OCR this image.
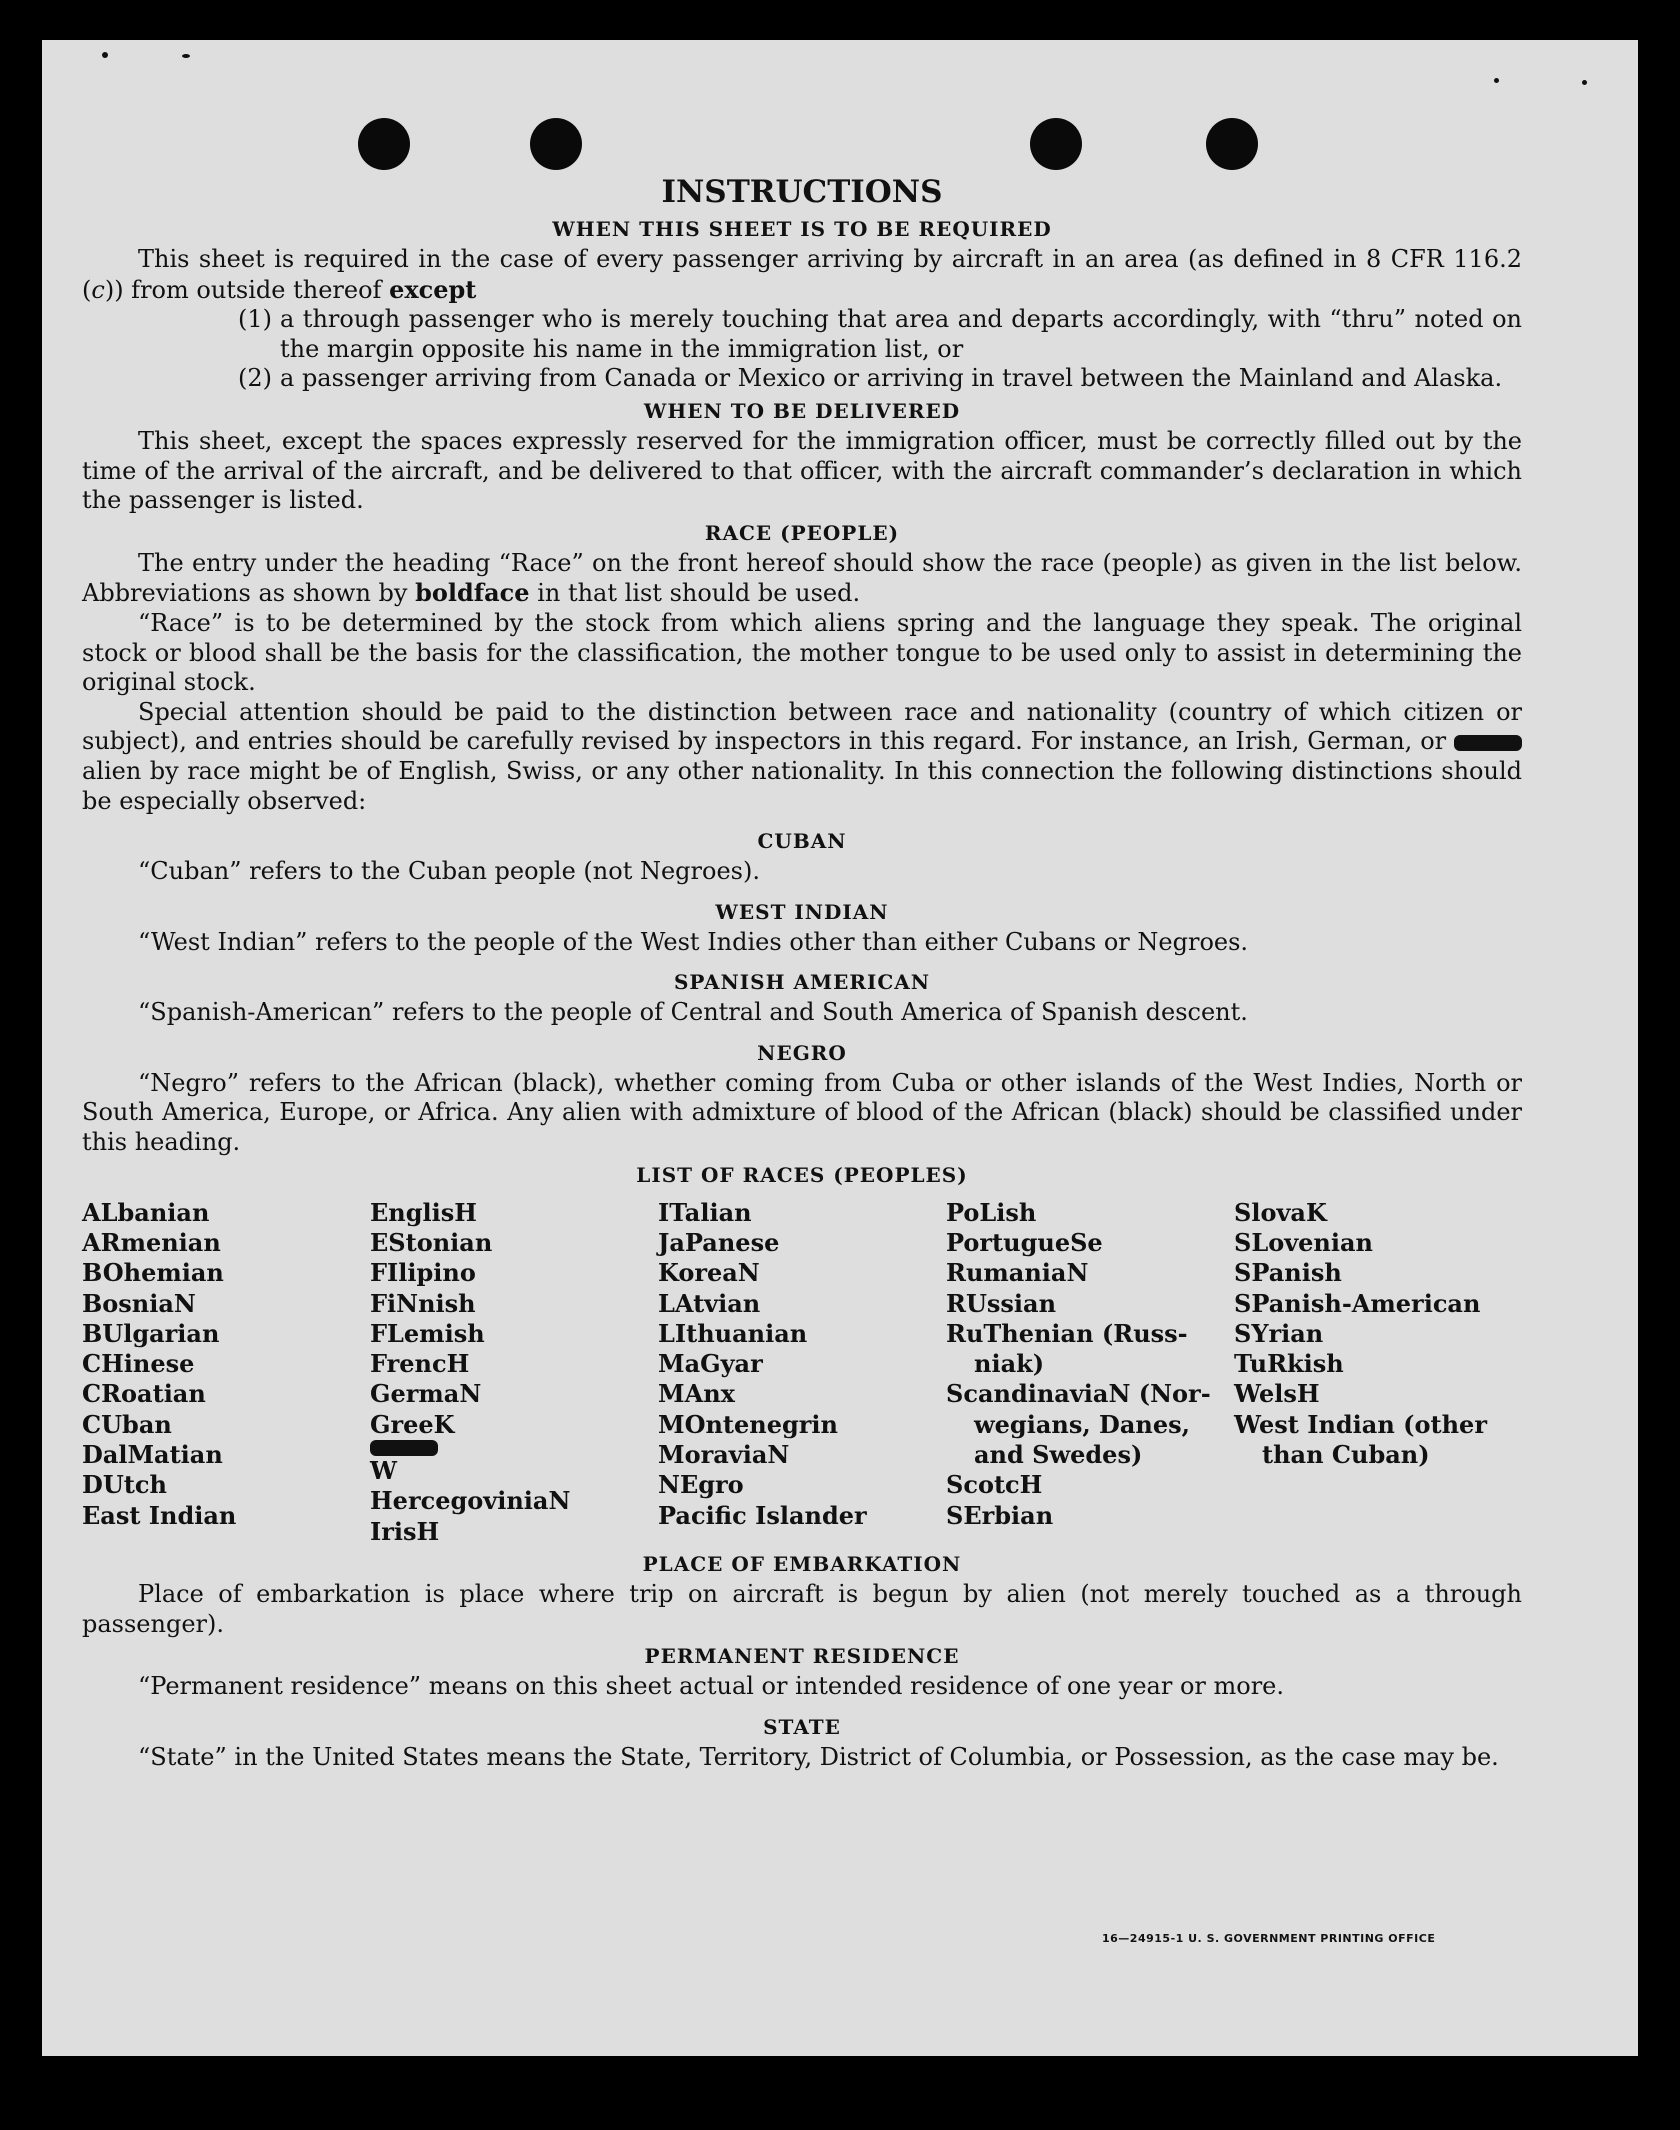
INSTRUCTIONS
WHEN THIS SHEET IS TO BE REQUIRED

This sheet is required in the case of every passenger arriving by aircraft in an area (as defined in 8 CFR 116.2 (c)) from outside thereof except

(1) a through passenger who is merely touching that area and departs accordingly, with “thru” noted on the margin opposite his name in the immigration list, or
(2) a passenger arriving from Canada or Mexico or arriving in travel between the Mainland and Alaska.
WHEN TO BE DELIVERED

This sheet, except the spaces expressly reserved for the immigration officer, must be correctly filled out by the time of the arrival of the aircraft, and be delivered to that officer, with the aircraft commander’s declaration in which the passenger is listed.

RACE (PEOPLE)

The entry under the heading “Race” on the front hereof should show the race (people) as given in the list below. Abbreviations as shown by boldface in that list should be used.

“Race” is to be determined by the stock from which aliens spring and the language they speak. The original stock or blood shall be the basis for the classification, the mother tongue to be used only to assist in determining the original stock.

Special attention should be paid to the distinction between race and nationality (country of which citizen or subject), and entries should be carefully revised by inspectors in this regard. For instance, an Irish, German, or  alien by race might be of English, Swiss, or any other nationality. In this connection the following distinctions should be especially observed:

CUBAN

“Cuban” refers to the Cuban people (not Negroes).

WEST INDIAN

“West Indian” refers to the people of the West Indies other than either Cubans or Negroes.

SPANISH AMERICAN

“Spanish-American” refers to the people of Central and South America of Spanish descent.

NEGRO

“Negro” refers to the African (black), whether coming from Cuba or other islands of the West Indies, North or South America, Europe, or Africa. Any alien with admixture of blood of the African (black) should be classified under this heading.

LIST OF RACES (PEOPLES)
ALbanian
ARmenian
BOhemian
BosniaN
BUlgarian
CHinese
CRoatian
CUban
DalMatian
DUtch
East Indian
EnglisH
EStonian
FIlipino
FiNnish
FLemish
FrencH
GermaN
GreeK
W
HercegoviniaN
IrisH
ITalian
JaPanese
KoreaN
LAtvian
LIthuanian
MaGyar
MAnx
MOntenegrin
MoraviaN
NEgro
Pacific Islander
PoLish
PortugueSe
RumaniaN
RUssian
RuThenian (Russ-
niak)
ScandinaviaN (Nor-
wegians, Danes,
and Swedes)
ScotcH
SErbian
SlovaK
SLovenian
SPanish
SPanish-American
SYrian
TuRkish
WelsH
West Indian (other
than Cuban)
PLACE OF EMBARKATION

Place of embarkation is place where trip on aircraft is begun by alien (not merely touched as a through passenger).

PERMANENT RESIDENCE

“Permanent residence” means on this sheet actual or intended residence of one year or more.

STATE

“State” in the United States means the State, Territory, District of Columbia, or Possession, as the case may be.

16—24915-1 U. S. GOVERNMENT PRINTING OFFICE
